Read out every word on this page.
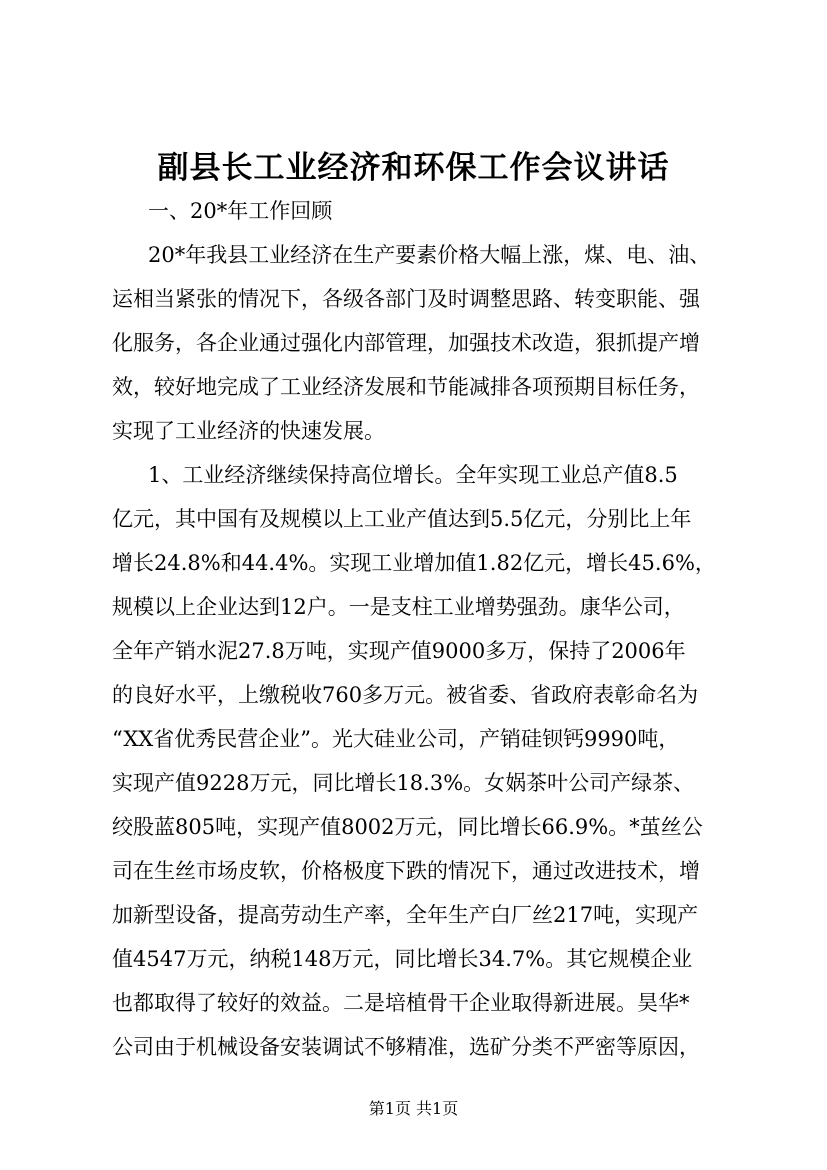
副县长工业经济和环保工作会议讲话
一、20*年工作回顾
20*年我县工业经济在生产要素价格大幅上涨，煤、电、油、
运相当紧张的情况下，各级各部门及时调整思路、转变职能、强
化服务，各企业通过强化内部管理，加强技术改造，狠抓提产增
效，较好地完成了工业经济发展和节能减排各项预期目标任务，
实现了工业经济的快速发展。
1、工业经济继续保持高位增长。全年实现工业总产值8.5
亿元，其中国有及规模以上工业产值达到5.5亿元，分别比上年
增长24.8%和44.4%。实现工业增加值1.82亿元，增长45.6%，
规模以上企业达到12户。一是支柱工业增势强劲。康华公司，
全年产销水泥27.8万吨，实现产值9000多万，保持了2006年
的良好水平，上缴税收760多万元。被省委、省政府表彰命名为
“XX省优秀民营企业”。光大硅业公司，产销硅钡钙9990吨，
实现产值9228万元，同比增长18.3%。女娲茶叶公司产绿茶、
绞股蓝805吨，实现产值8002万元，同比增长66.9%。*茧丝公
司在生丝市场皮软，价格极度下跌的情况下，通过改进技术，增
加新型设备，提高劳动生产率，全年生产白厂丝217吨，实现产
值4547万元，纳税148万元，同比增长34.7%。其它规模企业
也都取得了较好的效益。二是培植骨干企业取得新进展。昊华*
公司由于机械设备安装调试不够精准，选矿分类不严密等原因，
第1页 共1页
